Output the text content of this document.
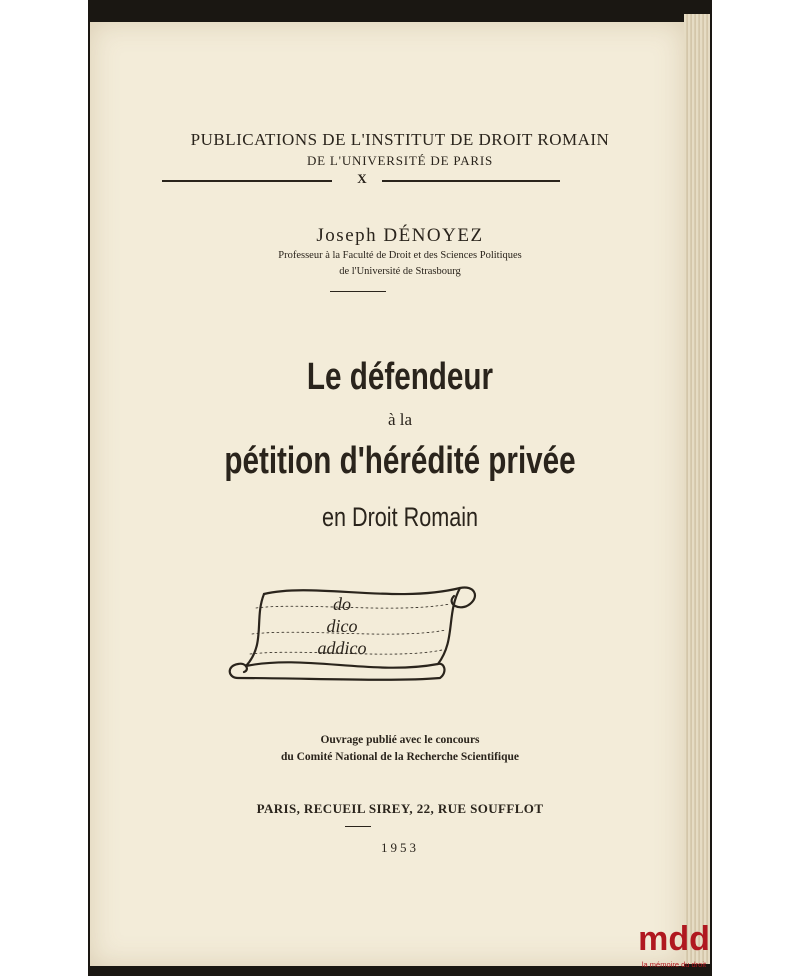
PUBLICATIONS DE L'INSTITUT DE DROIT ROMAIN
DE L'UNIVERSITÉ DE PARIS
X
Joseph DÉNOYEZ
Professeur à la Faculté de Droit et des Sciences Politiques
de l'Université de Strasbourg
Le défendeur
à la
pétition d'hérédité privée
en Droit Romain
do
dico
addico
Ouvrage publié avec le concours
du Comité National de la Recherche Scientifique
PARIS, RECUEIL SIREY, 22, RUE SOUFFLOT
1953
mdd
la mémoire du droit
